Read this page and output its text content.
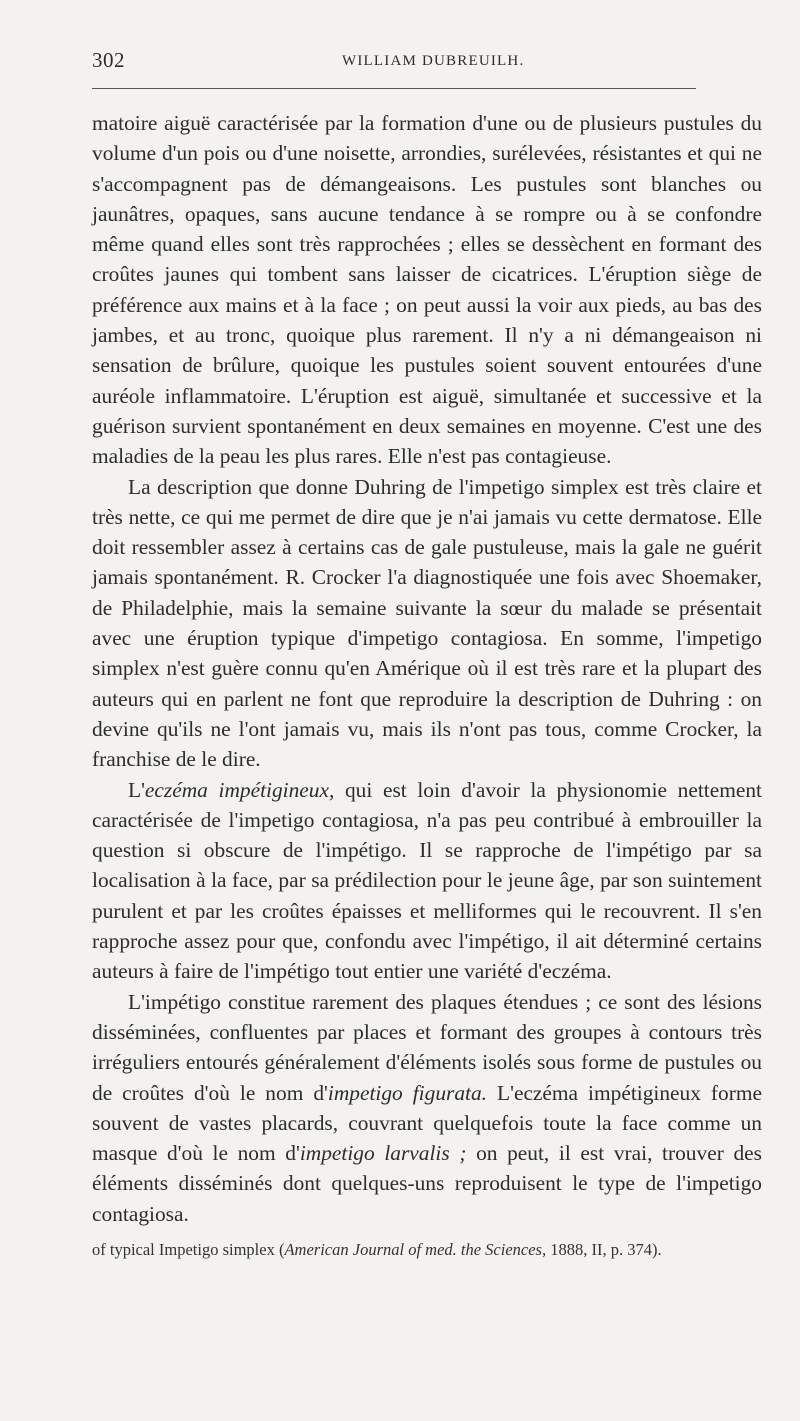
302	WILLIAM DUBREUILH.

matoire aiguë caractérisée par la formation d'une ou de plusieurs pustules du volume d'un pois ou d'une noisette, arrondies, surélevées, résistantes et qui ne s'accompagnent pas de démangeaisons. Les pustules sont blanches ou jaunâtres, opaques, sans aucune tendance à se rompre ou à se confondre même quand elles sont très rapprochées ; elles se dessèchent en formant des croûtes jaunes qui tombent sans laisser de cicatrices. L'éruption siège de préférence aux mains et à la face ; on peut aussi la voir aux pieds, au bas des jambes, et au tronc, quoique plus rarement. Il n'y a ni démangeaison ni sensation de brûlure, quoique les pustules soient souvent entourées d'une auréole inflammatoire. L'éruption est aiguë, simultanée et successive et la guérison survient spontanément en deux semaines en moyenne. C'est une des maladies de la peau les plus rares. Elle n'est pas contagieuse.

La description que donne Duhring de l'impetigo simplex est très claire et très nette, ce qui me permet de dire que je n'ai jamais vu cette dermatose. Elle doit ressembler assez à certains cas de gale pustuleuse, mais la gale ne guérit jamais spontanément. R. Crocker l'a diagnostiquée une fois avec Shoemaker, de Philadelphie, mais la semaine suivante la sœur du malade se présentait avec une éruption typique d'impetigo contagiosa. En somme, l'impetigo simplex n'est guère connu qu'en Amérique où il est très rare et la plupart des auteurs qui en parlent ne font que reproduire la description de Duhring : on devine qu'ils ne l'ont jamais vu, mais ils n'ont pas tous, comme Crocker, la franchise de le dire.

L'eczéma impétigineux, qui est loin d'avoir la physionomie nettement caractérisée de l'impetigo contagiosa, n'a pas peu contribué à embrouiller la question si obscure de l'impétigo. Il se rapproche de l'impétigo par sa localisation à la face, par sa prédilection pour le jeune âge, par son suintement purulent et par les croûtes épaisses et melliformes qui le recouvrent. Il s'en rapproche assez pour que, confondu avec l'impétigo, il ait déterminé certains auteurs à faire de l'impétigo tout entier une variété d'eczéma.

L'impétigo constitue rarement des plaques étendues ; ce sont des lésions disséminées, confluentes par places et formant des groupes à contours très irréguliers entourés généralement d'éléments isolés sous forme de pustules ou de croûtes d'où le nom d'impetigo figurata. L'eczéma impétigineux forme souvent de vastes placards, couvrant quelquefois toute la face comme un masque d'où le nom d'impetigo larvalis ; on peut, il est vrai, trouver des éléments disséminés dont quelques-uns reproduisent le type de l'impetigo contagiosa.

of typical Impetigo simplex (American Journal of med. the Sciences, 1888, II, p. 374).
